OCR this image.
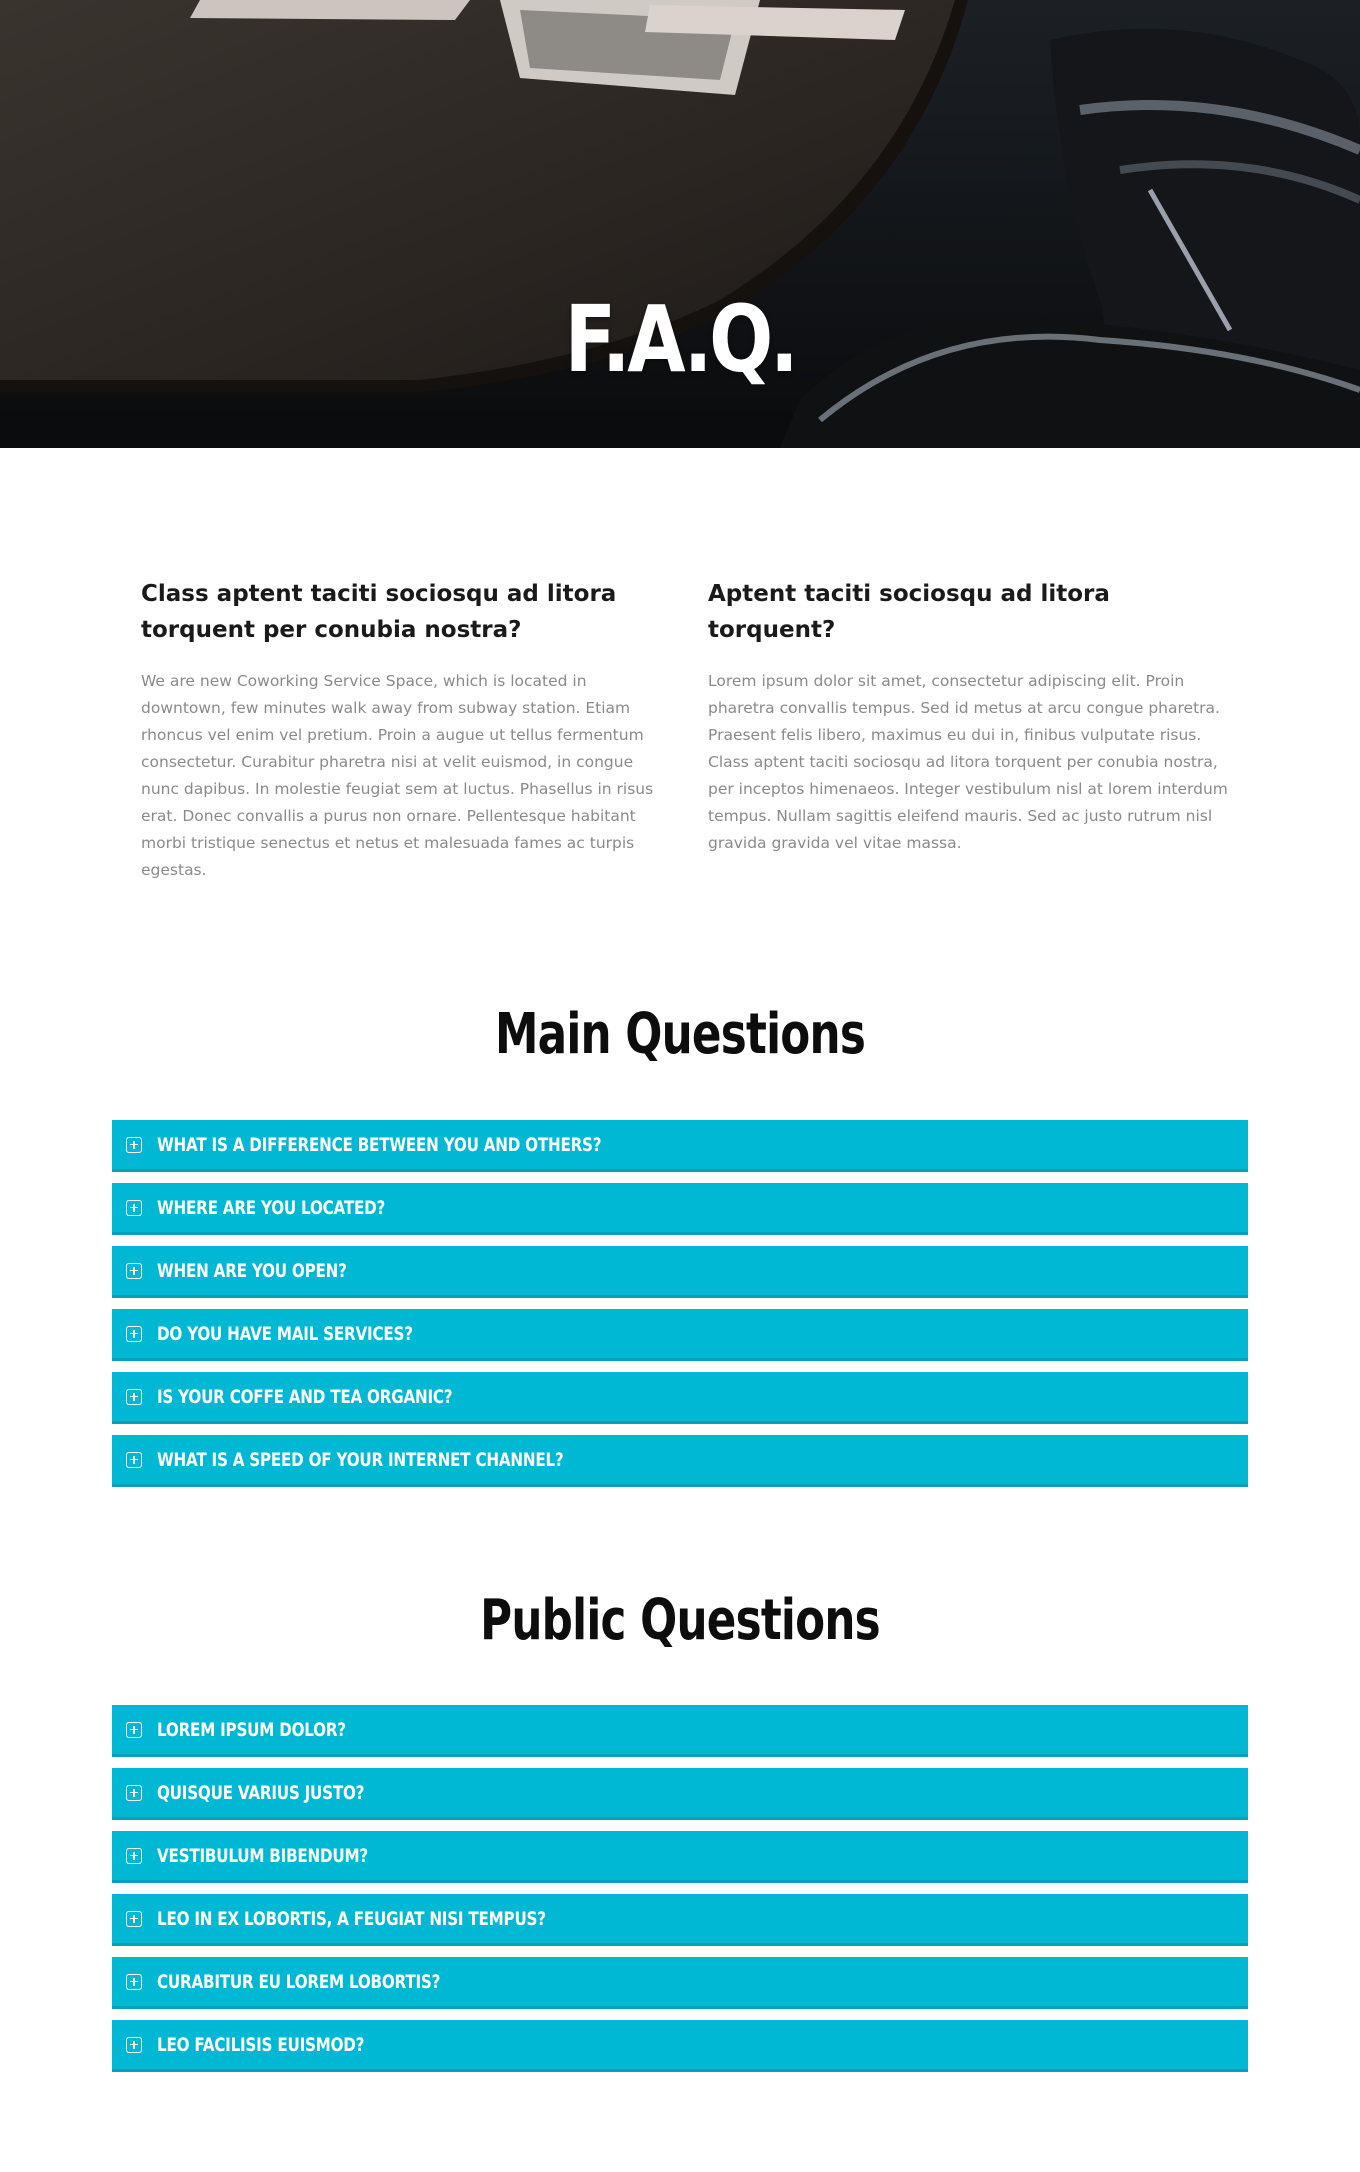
F.A.Q.
Class aptent taciti sociosqu ad litora torquent per conubia nostra?

We are new Coworking Service Space, which is located in downtown, few minutes walk away from subway station. Etiam rhoncus vel enim vel pretium. Proin a augue ut tellus fermentum consectetur. Curabitur pharetra nisi at velit euismod, in congue nunc dapibus. In molestie feugiat sem at luctus. Phasellus in risus erat. Donec convallis a purus non ornare. Pellentesque habitant morbi tristique senectus et netus et malesuada fames ac turpis egestas.

Aptent taciti sociosqu ad litora torquent?

Lorem ipsum dolor sit amet, consectetur adipiscing elit. Proin pharetra convallis tempus. Sed id metus at arcu congue pharetra. Praesent felis libero, maximus eu dui in, finibus vulputate risus. Class aptent taciti sociosqu ad litora torquent per conubia nostra, per inceptos himenaeos. Integer vestibulum nisl at lorem interdum tempus. Nullam sagittis eleifend mauris. Sed ac justo rutrum nisl gravida gravida vel vitae massa.

Main Questions
WHAT IS A DIFFERENCE BETWEEN YOU AND OTHERS?
WHERE ARE YOU LOCATED?
WHEN ARE YOU OPEN?
DO YOU HAVE MAIL SERVICES?
IS YOUR COFFE AND TEA ORGANIC?
WHAT IS A SPEED OF YOUR INTERNET CHANNEL?
Public Questions
LOREM IPSUM DOLOR?
QUISQUE VARIUS JUSTO?
VESTIBULUM BIBENDUM?
LEO IN EX LOBORTIS, A FEUGIAT NISI TEMPUS?
CURABITUR EU LOREM LOBORTIS?
LEO FACILISIS EUISMOD?
